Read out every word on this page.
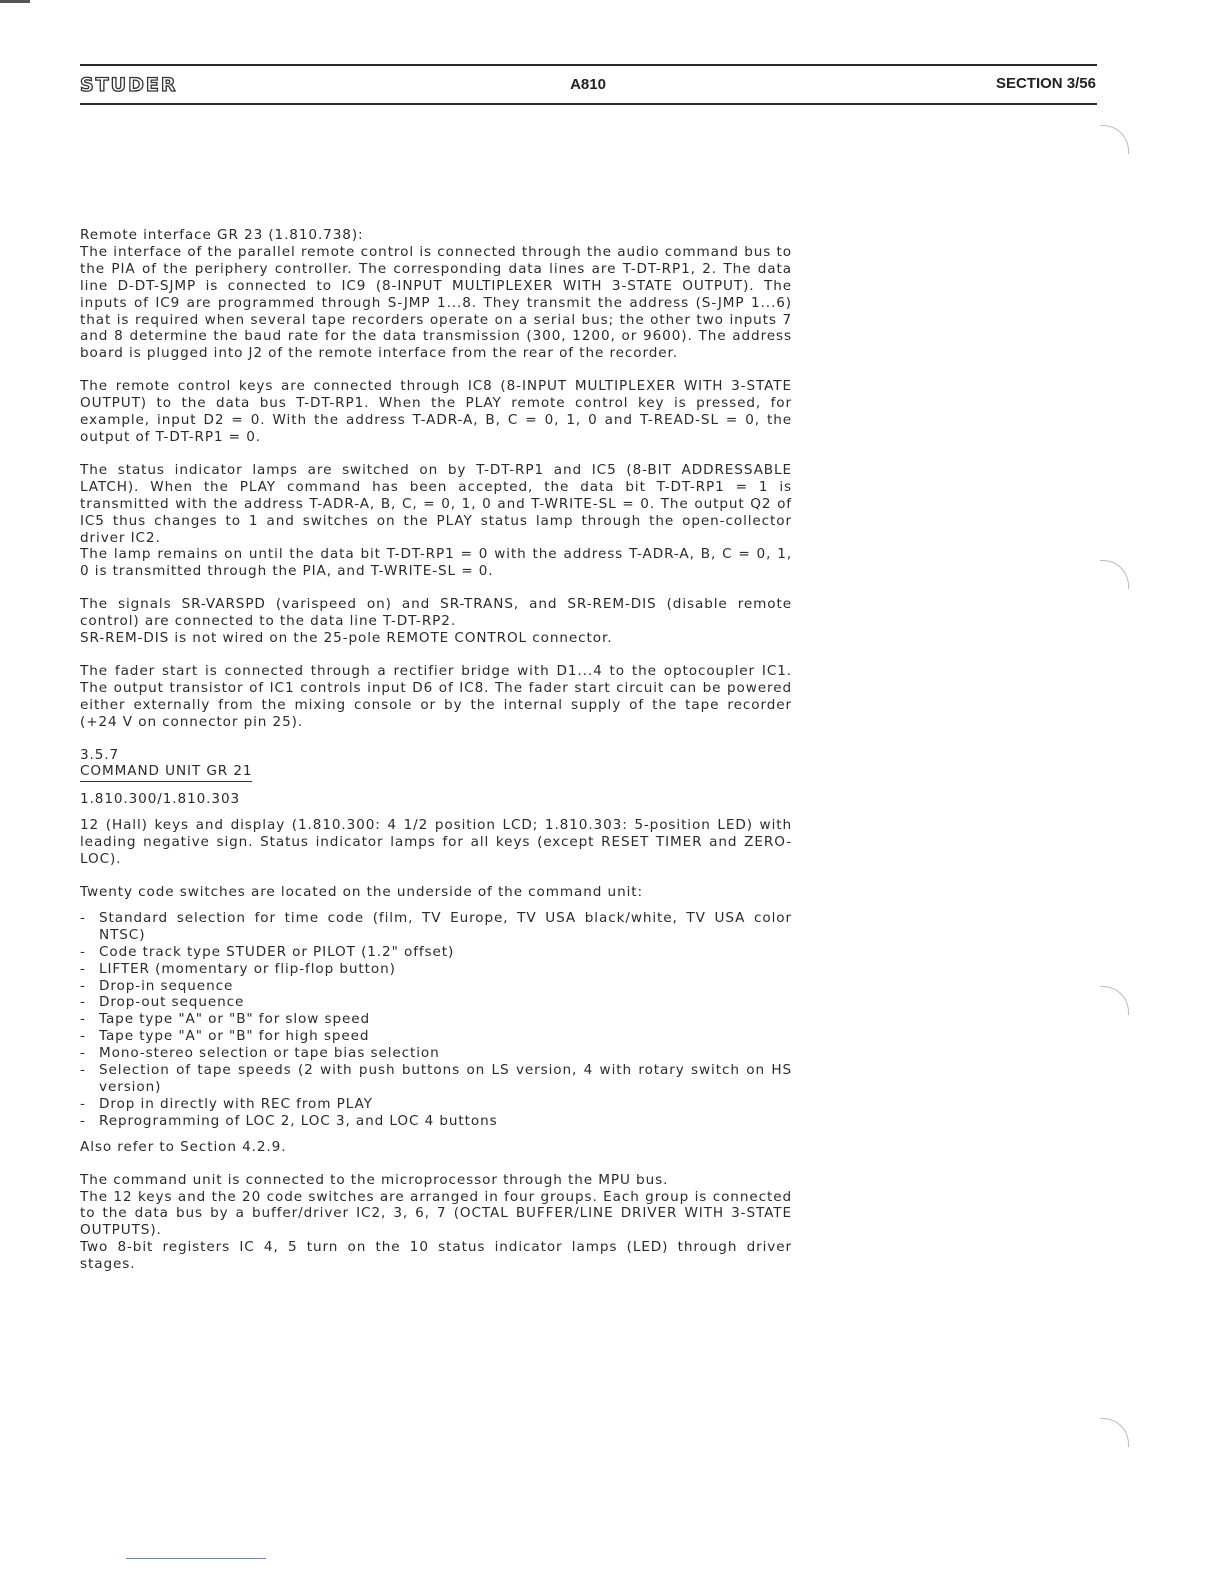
STUDER	A810	SECTION 3/56

Remote interface GR 23 (1.810.738):

The interface of the parallel remote control is connected through the audio command bus to the PIA of the periphery controller. The corresponding data lines are T-DT-RP1, 2. The data line D-DT-SJMP is connected to IC9 (8-INPUT MULTIPLEXER WITH 3-STATE OUTPUT). The inputs of IC9 are programmed through S-JMP 1...8. They transmit the address (S-JMP 1...6) that is required when several tape recorders operate on a serial bus; the other two inputs 7 and 8 determine the baud rate for the data transmission (300, 1200, or 9600). The address board is plugged into J2 of the remote interface from the rear of the recorder.

The remote control keys are connected through IC8 (8-INPUT MULTIPLEXER WITH 3-STATE OUTPUT) to the data bus T-DT-RP1. When the PLAY remote control key is pressed, for example, input D2 = 0. With the address T-ADR-A, B, C = 0, 1, 0 and T-READ-SL = 0, the output of T-DT-RP1 = 0.

The status indicator lamps are switched on by T-DT-RP1 and IC5 (8-BIT ADDRESSABLE LATCH). When the PLAY command has been accepted, the data bit T-DT-RP1 = 1 is transmitted with the address T-ADR-A, B, C, = 0, 1, 0 and T-WRITE-SL = 0. The output Q2 of IC5 thus changes to 1 and switches on the PLAY status lamp through the open-collector driver IC2.

The lamp remains on until the data bit T-DT-RP1 = 0 with the address T-ADR-A, B, C = 0, 1, 0 is transmitted through the PIA, and T-WRITE-SL = 0.

The signals SR-VARSPD (varispeed on) and SR-TRANS, and SR-REM-DIS (disable remote control) are connected to the data line T-DT-RP2.

SR-REM-DIS is not wired on the 25-pole REMOTE CONTROL connector.

The fader start is connected through a rectifier bridge with D1...4 to the optocoupler IC1. The output transistor of IC1 controls input D6 of IC8. The fader start circuit can be powered either externally from the mixing console or by the internal supply of the tape recorder (+24 V on connector pin 25).

3.5.7

COMMAND UNIT GR 21

1.810.300/1.810.303

12 (Hall) keys and display (1.810.300: 4 1/2 position LCD; 1.810.303: 5-position LED) with leading negative sign. Status indicator lamps for all keys (except RESET TIMER and ZERO-LOC).

Twenty code switches are located on the underside of the command unit:

- Standard selection for time code (film, TV Europe, TV USA black/white, TV USA color NTSC)
- Code track type STUDER or PILOT (1.2" offset)
- LIFTER (momentary or flip-flop button)
- Drop-in sequence
- Drop-out sequence
- Tape type "A" or "B" for slow speed
- Tape type "A" or "B" for high speed
- Mono-stereo selection or tape bias selection
- Selection of tape speeds (2 with push buttons on LS version, 4 with rotary switch on HS version)
- Drop in directly with REC from PLAY
- Reprogramming of LOC 2, LOC 3, and LOC 4 buttons

Also refer to Section 4.2.9.

The command unit is connected to the microprocessor through the MPU bus.

The 12 keys and the 20 code switches are arranged in four groups. Each group is connected to the data bus by a buffer/driver IC2, 3, 6, 7 (OCTAL BUFFER/LINE DRIVER WITH 3-STATE OUTPUTS).

Two 8-bit registers IC 4, 5 turn on the 10 status indicator lamps (LED) through driver stages.
